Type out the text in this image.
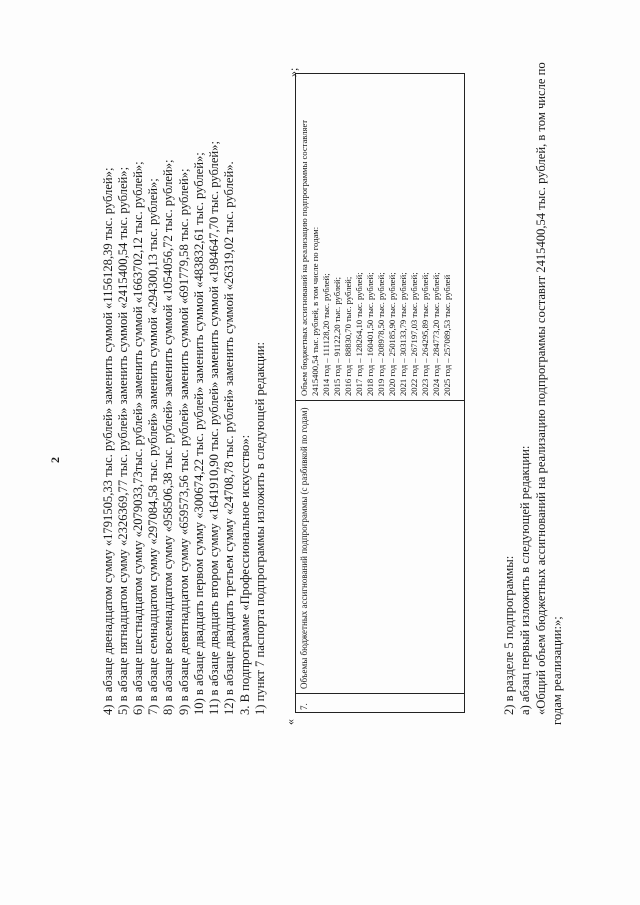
2	4) в абзаце двенадцатом сумму «1791505,33 тыс. рублей» заменить суммой «1156128,39 тыс. рублей»; 5) в абзаце пятнадцатом сумму «2326369,77 тыс. рублей» заменить суммой «2415400,54 тыс. рублей»; 6) в абзаце шестнадцатом сумму «2079033,73тыс. рублей» заменить суммой «1663702,12 тыс. рублей»; 7) в абзаце семнадцатом сумму «297084,58 тыс. рублей» заменить суммой «294300,13 тыс. рублей»; 8) в абзаце восемнадцатом сумму «958506,38 тыс. рублей» заменить суммой «1054056,72 тыс. рублей»; 9) в абзаце девятнадцатом сумму «659573,56 тыс. рублей» заменить суммой «691779,58 тыс. рублей»; 10) в абзаце двадцать первом сумму «300674,22 тыс. рублей» заменить суммой «483832,61 тыс. рублей»; 11) в абзаце двадцать втором сумму «1641910,90 тыс. рублей» заменить суммой «1984647,70 тыс. рублей»; 12) в абзаце двадцать третьем сумму «24708,78 тыс. рублей» заменить суммой «26319,02 тыс. рублей». 3. В подпрограмме «Профессиональное искусство»: 1) пункт 7 паспорта подпрограммы изложить в следующей редакции:
«
7.
Объемы бюджетных ассигнований подпрограммы (с разбивкой по годам)
Объем бюджетных ассигнований на реализацию подпрограммы составляет 2415400,54 тыс. рублей, в том числе по годам: 2014 год – 111128,20 тыс. рублей; 2015 год – 91122,20 тыс. рублей; 2016 год – 88830,70 тыс. рублей; 2017 год – 128264,10 тыс. рублей; 2018 год – 160401,50 тыс. рублей; 2019 год – 208978,50 тыс. рублей; 2020 год – 250185,90 тыс. рублей; 2021 год – 303133,79 тыс. рублей; 2022 год – 267197,03 тыс. рублей; 2023 год – 264295,89 тыс. рублей; 2024 год – 284773,20 тыс. рублей; 2025 год – 257089,53 тыс. рублей
»;
2) в разделе 5 подпрограммы: а) абзац первый изложить в следующей редакции: «Общий объем бюджетных ассигнований на реализацию подпрограммы составит 2415400,54 тыс. рублей, в том числе по годам реализации:»;
